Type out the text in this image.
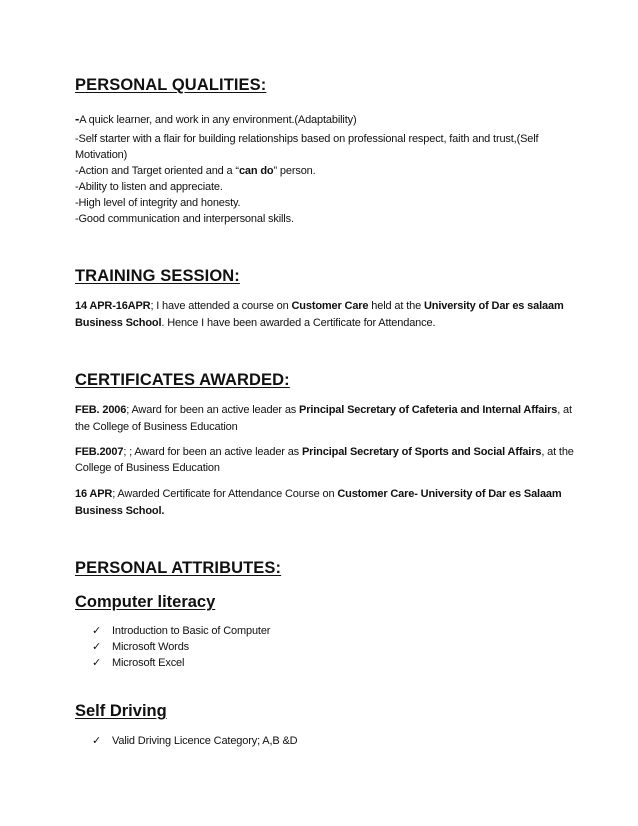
PERSONAL QUALITIES:
-A quick learner, and work in any environment.(Adaptability)
-Self starter with a flair for building relationships based on professional respect, faith and trust,(Self
Motivation)
-Action and Target oriented and a “can do” person.
-Ability to listen and appreciate.
-High level of integrity and honesty.
-Good communication and interpersonal skills.
TRAINING SESSION:
14 APR-16APR; I have attended a course on Customer Care held at the University of Dar es salaam
Business School. Hence I have been awarded a Certificate for Attendance.
CERTIFICATES AWARDED:
FEB. 2006; Award for been an active leader as Principal Secretary of Cafeteria and Internal Affairs, at
the College of Business Education
FEB.2007; ; Award for been an active leader as Principal Secretary of Sports and Social Affairs, at the
College of Business Education
16 APR; Awarded Certificate for Attendance Course on Customer Care- University of Dar es Salaam
Business School.
PERSONAL ATTRIBUTES:
Computer literacy
✓ Introduction to Basic of Computer
✓ Microsoft Words
✓ Microsoft Excel
Self Driving
✓ Valid Driving Licence Category; A,B &D
